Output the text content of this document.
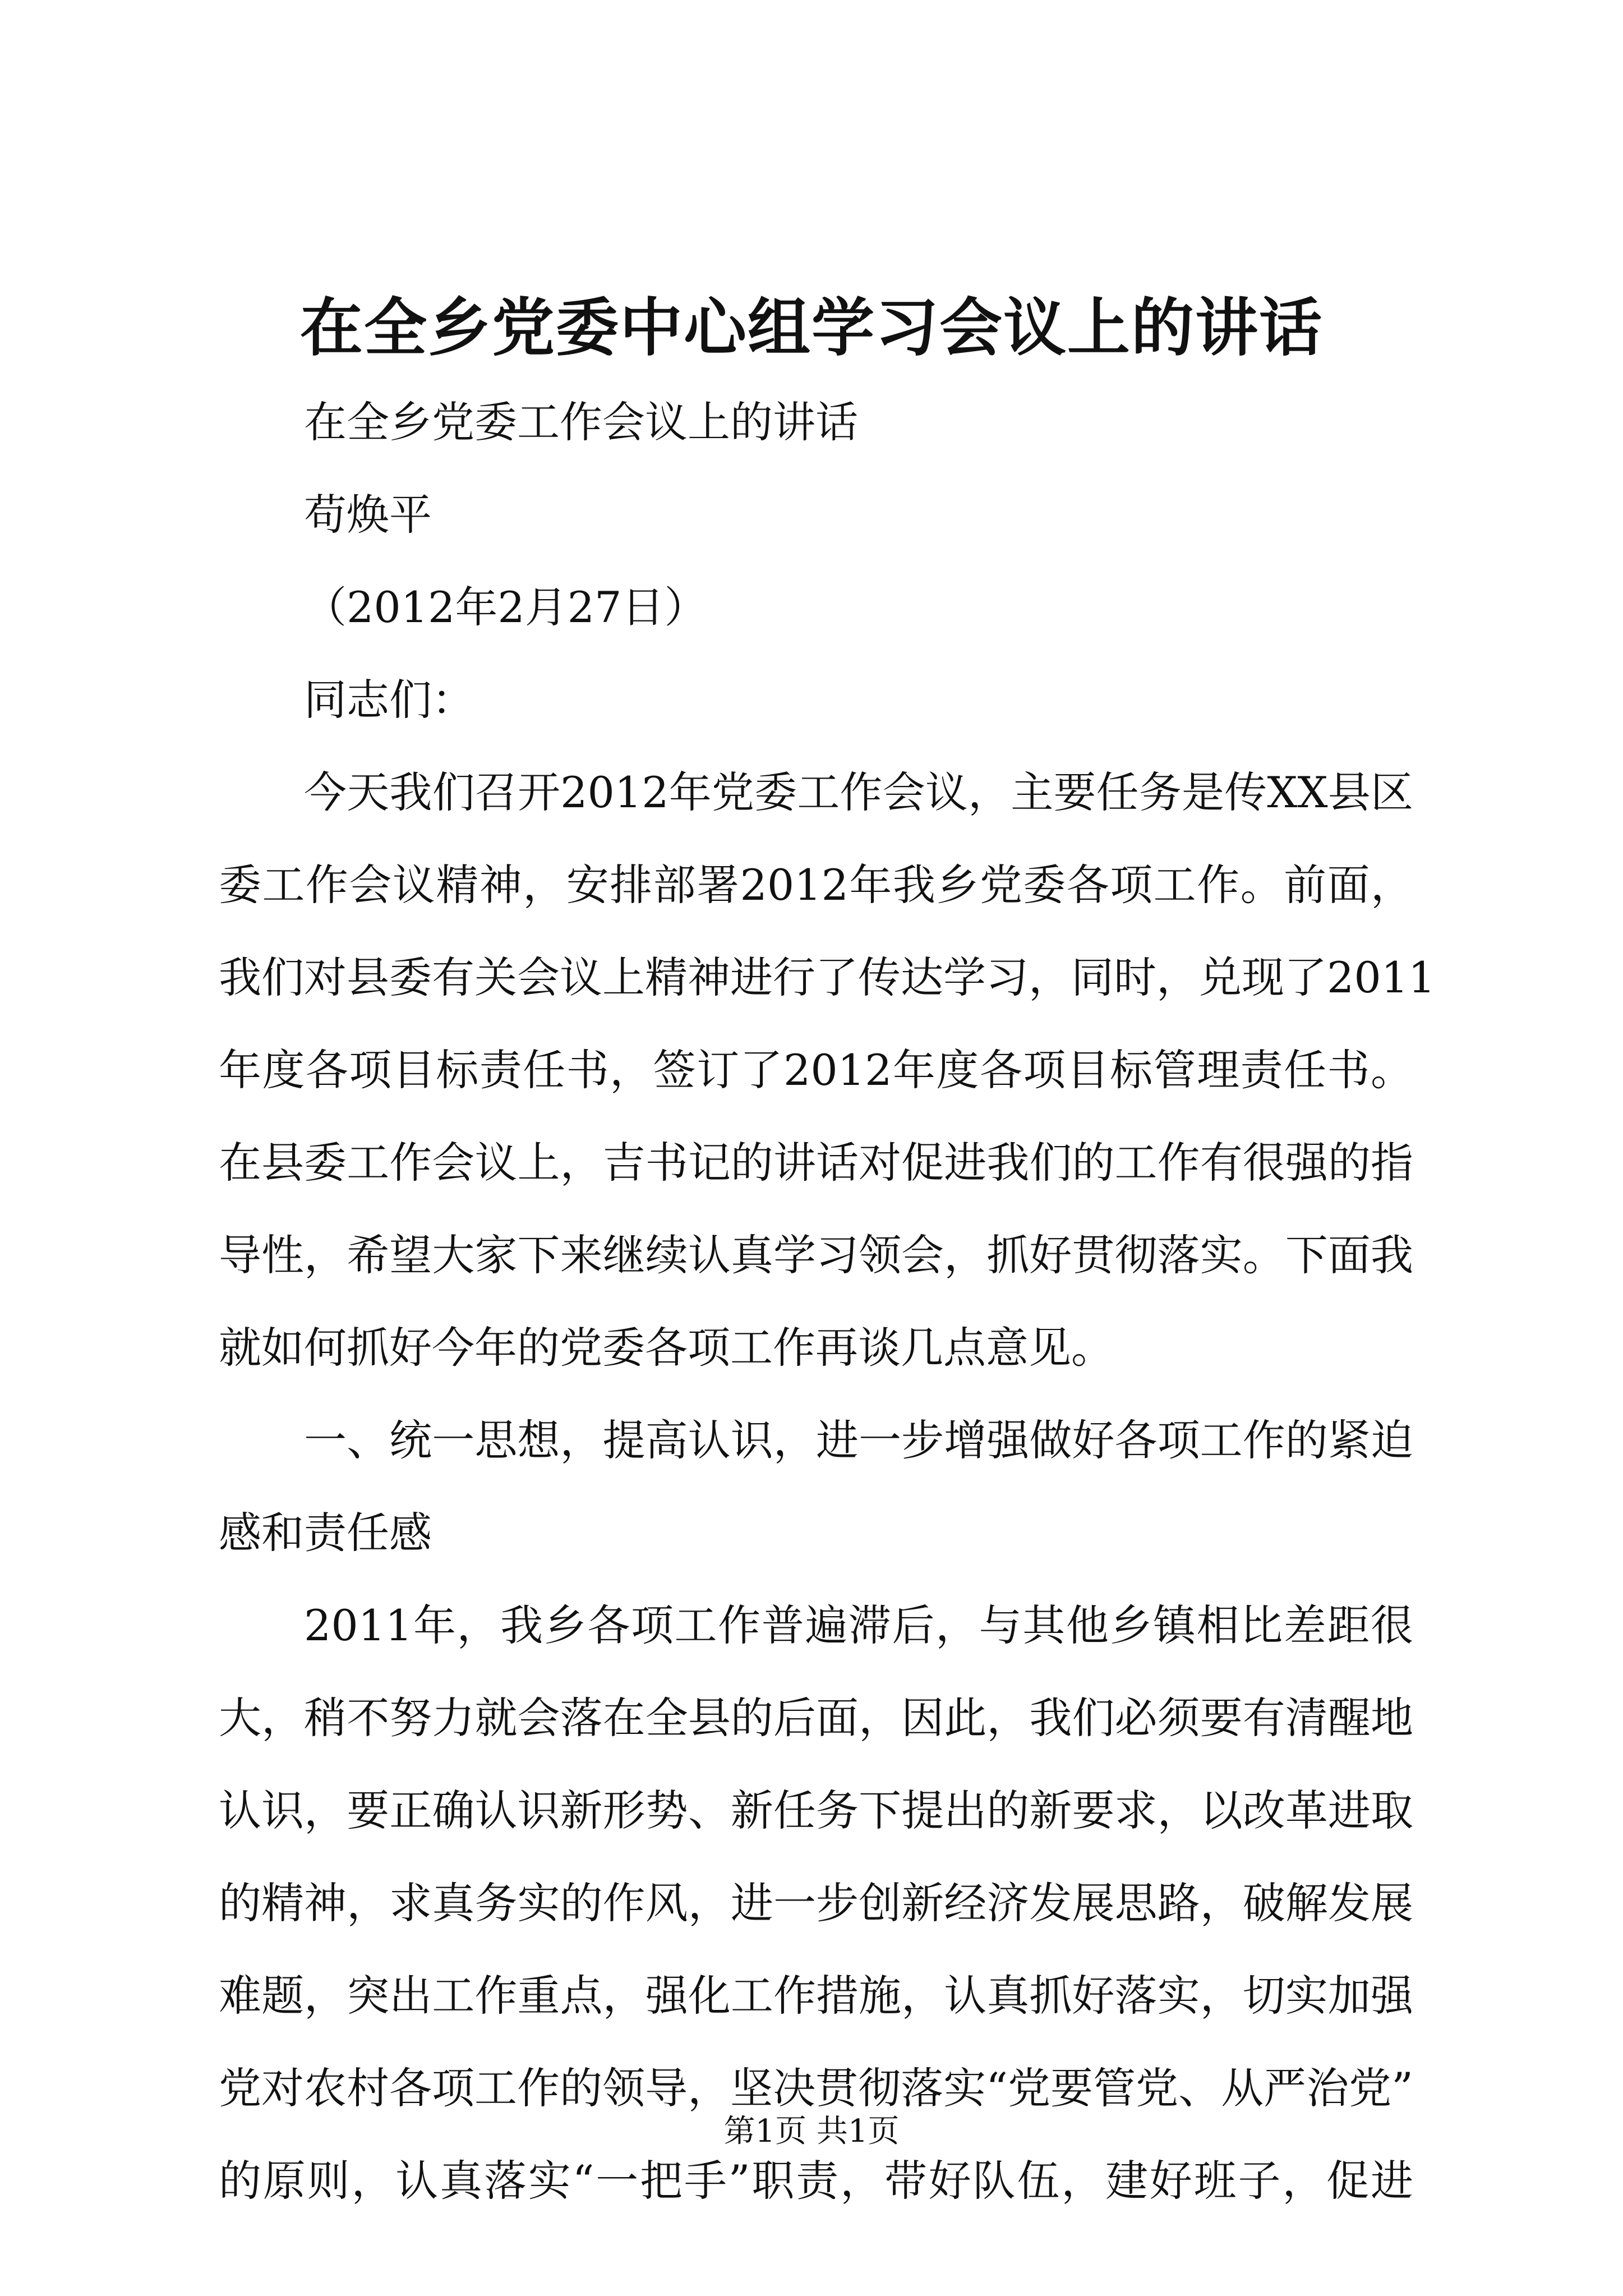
在全乡党委中心组学习会议上的讲话
在全乡党委工作会议上的讲话
苟焕平
（2012年2月27日）
同志们：
今天我们召开2012年党委工作会议，主要任务是传XX县区
委工作会议精神，安排部署2012年我乡党委各项工作。前面，
我们对县委有关会议上精神进行了传达学习，同时，兑现了2011
年度各项目标责任书，签订了2012年度各项目标管理责任书。
在县委工作会议上，吉书记的讲话对促进我们的工作有很强的指
导性，希望大家下来继续认真学习领会，抓好贯彻落实。下面我
就如何抓好今年的党委各项工作再谈几点意见。
一、统一思想，提高认识，进一步增强做好各项工作的紧迫
感和责任感
2011年，我乡各项工作普遍滞后，与其他乡镇相比差距很
大，稍不努力就会落在全县的后面，因此，我们必须要有清醒地
认识，要正确认识新形势、新任务下提出的新要求，以改革进取
的精神，求真务实的作风，进一步创新经济发展思路，破解发展
难题，突出工作重点，强化工作措施，认真抓好落实，切实加强
党对农村各项工作的领导，坚决贯彻落实“党要管党、从严治党”
的原则，认真落实“一把手”职责，带好队伍，建好班子，促进
第1页 共1页
